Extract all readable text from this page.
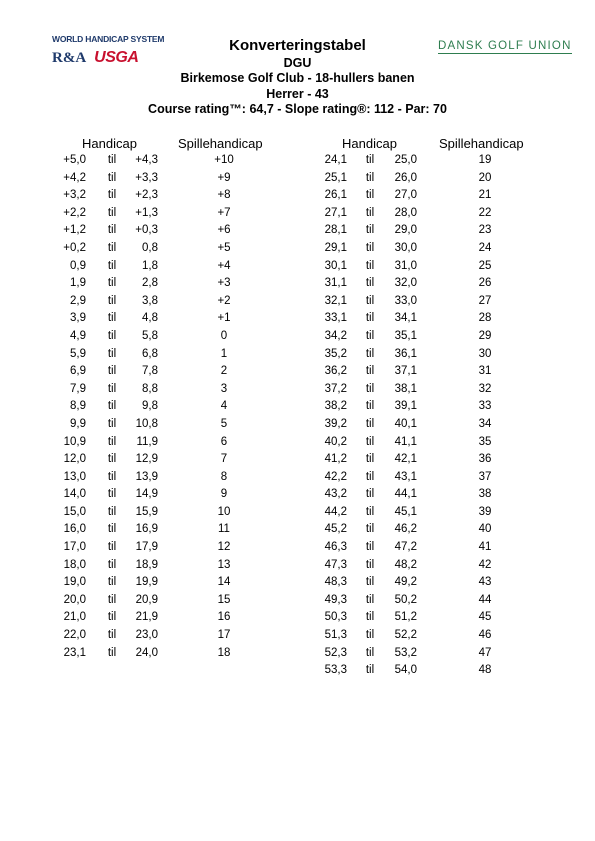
WORLD HANDICAP SYSTEM
R&A USGA
DANSK GOLF UNION
Konverteringstabel
DGU
Birkemose Golf Club - 18-hullers banen
Herrer - 43
Course rating™: 64,7 - Slope rating®: 112 - Par: 70
Handicap	Spillehandicap	Handicap	Spillehandicap
+5,0	til	+4,3	+10
+4,2	til	+3,3	+9
+3,2	til	+2,3	+8
+2,2	til	+1,3	+7
+1,2	til	+0,3	+6
+0,2	til	0,8	+5
0,9	til	1,8	+4
1,9	til	2,8	+3
2,9	til	3,8	+2
3,9	til	4,8	+1
4,9	til	5,8	0
5,9	til	6,8	1
6,9	til	7,8	2
7,9	til	8,8	3
8,9	til	9,8	4
9,9	til	10,8	5
10,9	til	11,9	6
12,0	til	12,9	7
13,0	til	13,9	8
14,0	til	14,9	9
15,0	til	15,9	10
16,0	til	16,9	11
17,0	til	17,9	12
18,0	til	18,9	13
19,0	til	19,9	14
20,0	til	20,9	15
21,0	til	21,9	16
22,0	til	23,0	17
23,1	til	24,0	18
24,1	til	25,0	19
25,1	til	26,0	20
26,1	til	27,0	21
27,1	til	28,0	22
28,1	til	29,0	23
29,1	til	30,0	24
30,1	til	31,0	25
31,1	til	32,0	26
32,1	til	33,0	27
33,1	til	34,1	28
34,2	til	35,1	29
35,2	til	36,1	30
36,2	til	37,1	31
37,2	til	38,1	32
38,2	til	39,1	33
39,2	til	40,1	34
40,2	til	41,1	35
41,2	til	42,1	36
42,2	til	43,1	37
43,2	til	44,1	38
44,2	til	45,1	39
45,2	til	46,2	40
46,3	til	47,2	41
47,3	til	48,2	42
48,3	til	49,2	43
49,3	til	50,2	44
50,3	til	51,2	45
51,3	til	52,2	46
52,3	til	53,2	47
53,3	til	54,0	48
